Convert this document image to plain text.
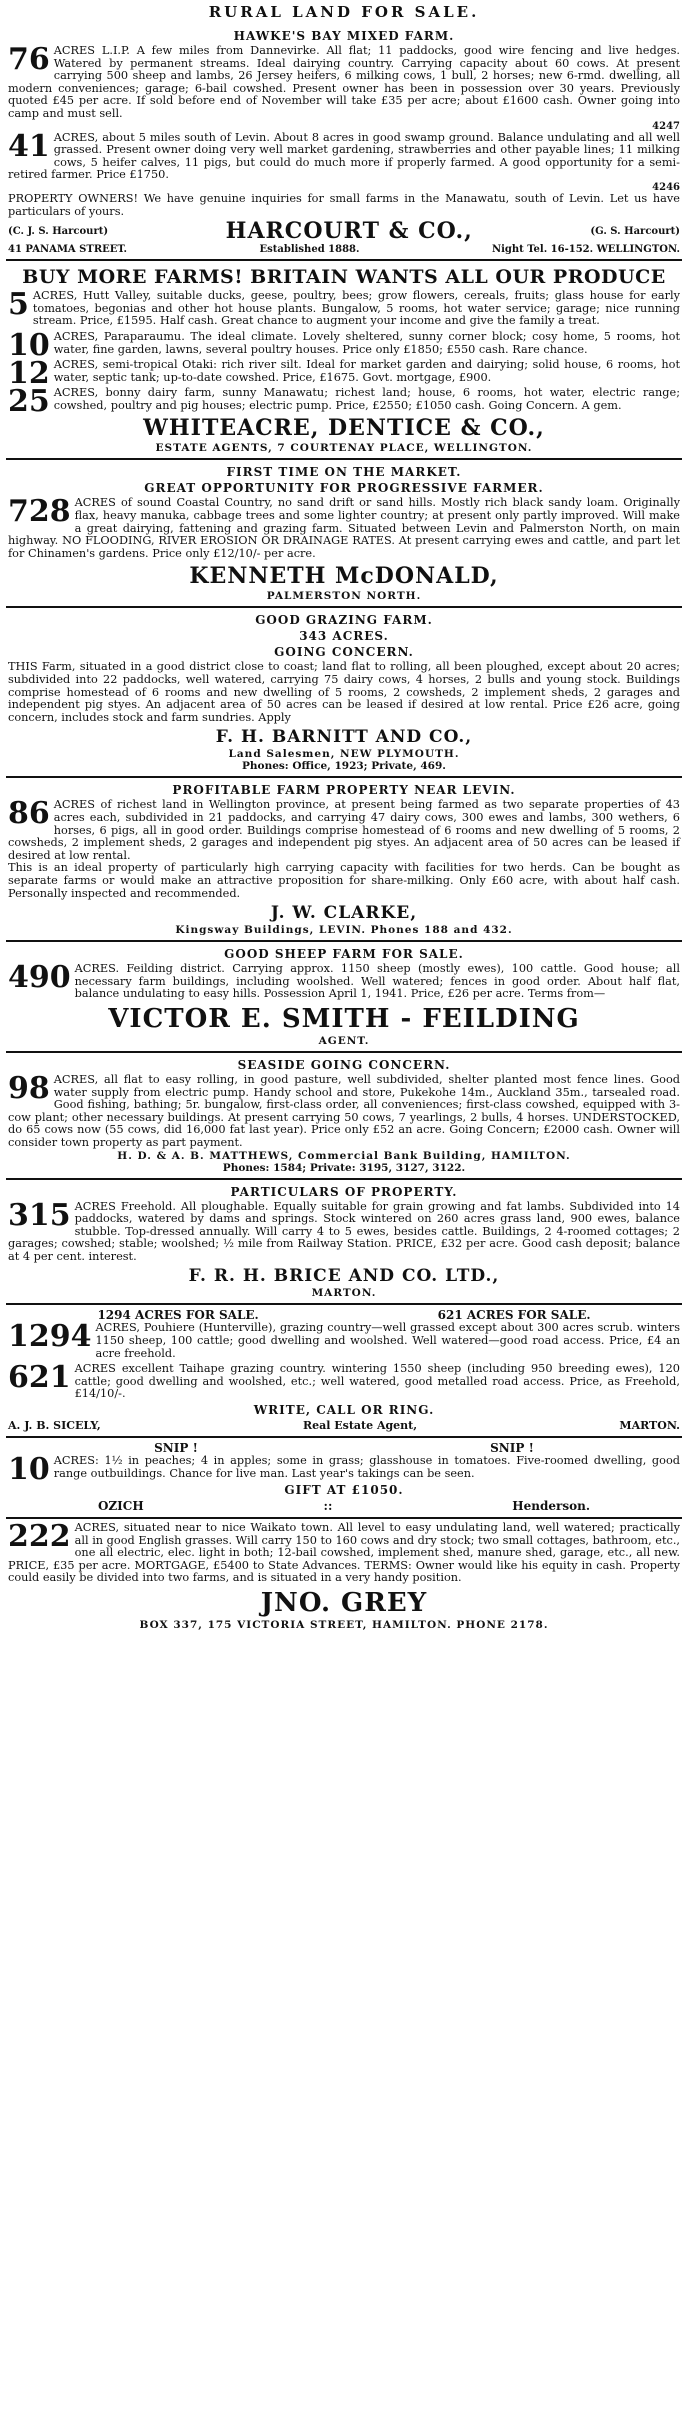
RURAL LAND FOR SALE.
HAWKE'S BAY MIXED FARM.

76 ACRES L.I.P. A few miles from Dannevirke. All flat; 11 paddocks, good wire fencing and live hedges. Watered by permanent streams. Ideal dairying country. Carrying capacity about 60 cows. At present carrying 500 sheep and lambs, 26 Jersey heifers, 6 milking cows, 1 bull, 2 horses; new 6-rmd. dwelling, all modern conveniences; garage; 6-bail cowshed. Present owner has been in possession over 30 years. Previously quoted £45 per acre. If sold before end of November will take £35 per acre; about £1600 cash. Owner going into camp and must sell.

4247

41 ACRES, about 5 miles south of Levin. About 8 acres in good swamp ground. Balance undulating and all well grassed. Present owner doing very well market gardening, strawberries and other payable lines; 11 milking cows, 5 heifer calves, 11 pigs, but could do much more if properly farmed. A good opportunity for a semi-retired farmer. Price £1750.

4246

PROPERTY OWNERS! We have genuine inquiries for small farms in the Manawatu, south of Levin. Let us have particulars of yours.

(C. J. S. Harcourt)	HARCOURT & CO.,	(G. S. Harcourt)
41 PANAMA STREET.	Established 1888.	Night Tel. 16-152. WELLINGTON.
BUY MORE FARMS! BRITAIN WANTS ALL OUR PRODUCE

5 ACRES, Hutt Valley, suitable ducks, geese, poultry, bees; grow flowers, cereals, fruits; glass house for early tomatoes, begonias and other hot house plants. Bungalow, 5 rooms, hot water service; garage; nice running stream. Price, £1595. Half cash. Great chance to augment your income and give the family a treat.

10 ACRES, Paraparaumu. The ideal climate. Lovely sheltered, sunny corner block; cosy home, 5 rooms, hot water, fine garden, lawns, several poultry houses. Price only £1850; £550 cash. Rare chance.

12 ACRES, semi-tropical Otaki: rich river silt. Ideal for market garden and dairying; solid house, 6 rooms, hot water, septic tank; up-to-date cowshed. Price, £1675. Govt. mortgage, £900.

25 ACRES, bonny dairy farm, sunny Manawatu; richest land; house, 6 rooms, hot water, electric range; cowshed, poultry and pig houses; electric pump. Price, £2550; £1050 cash. Going Concern. A gem.

WHITEACRE, DENTICE & CO.,
ESTATE AGENTS, 7 COURTENAY PLACE, WELLINGTON.
FIRST TIME ON THE MARKET.
GREAT OPPORTUNITY FOR PROGRESSIVE FARMER.

728 ACRES of sound Coastal Country, no sand drift or sand hills. Mostly rich black sandy loam. Originally flax, heavy manuka, cabbage trees and some lighter country; at present only partly improved. Will make a great dairying, fattening and grazing farm. Situated between Levin and Palmerston North, on main highway. NO FLOODING, RIVER EROSION OR DRAINAGE RATES. At present carrying ewes and cattle, and part let for Chinamen's gardens. Price only £12/10/- per acre.

KENNETH McDONALD,
PALMERSTON NORTH.
GOOD GRAZING FARM.
343 ACRES.
GOING CONCERN.

THIS Farm, situated in a good district close to coast; land flat to rolling, all been ploughed, except about 20 acres; subdivided into 22 paddocks, well watered, carrying 75 dairy cows, 4 horses, 2 bulls and young stock. Buildings comprise homestead of 6 rooms and new dwelling of 5 rooms, 2 cowsheds, 2 implement sheds, 2 garages and independent pig styes. An adjacent area of 50 acres can be leased if desired at low rental. Price £26 acre, going concern, includes stock and farm sundries. Apply

F. H. BARNITT AND CO.,
Land Salesmen, NEW PLYMOUTH.
Phones: Office, 1923; Private, 469.
PROFITABLE FARM PROPERTY NEAR LEVIN.

86 ACRES of richest land in Wellington province, at present being farmed as two separate properties of 43 acres each, subdivided in 21 paddocks, and carrying 47 dairy cows, 300 ewes and lambs, 300 wethers, 6 horses, 6 pigs, all in good order. Buildings comprise homestead of 6 rooms and new dwelling of 5 rooms, 2 cowsheds, 2 implement sheds, 2 garages and independent pig styes. An adjacent area of 50 acres can be leased if desired at low rental.

This is an ideal property of particularly high carrying capacity with facilities for two herds. Can be bought as separate farms or would make an attractive proposition for share-milking. Only £60 acre, with about half cash. Personally inspected and recommended.

J. W. CLARKE,
Kingsway Buildings, LEVIN. Phones 188 and 432.
GOOD SHEEP FARM FOR SALE.

490 ACRES. Feilding district. Carrying approx. 1150 sheep (mostly ewes), 100 cattle. Good house; all necessary farm buildings, including woolshed. Well watered; fences in good order. About half flat, balance undulating to easy hills. Possession April 1, 1941. Price, £26 per acre. Terms from—

VICTOR E. SMITH - FEILDING
AGENT.
SEASIDE GOING CONCERN.

98 ACRES, all flat to easy rolling, in good pasture, well subdivided, shelter planted most fence lines. Good water supply from electric pump. Handy school and store, Pukekohe 14m., Auckland 35m., tarsealed road. Good fishing, bathing; 5r. bungalow, first-class order, all conveniences; first-class cowshed, equipped with 3-cow plant; other necessary buildings. At present carrying 50 cows, 7 yearlings, 2 bulls, 4 horses. UNDERSTOCKED, do 65 cows now (55 cows, did 16,000 fat last year). Price only £52 an acre. Going Concern; £2000 cash. Owner will consider town property as part payment.

H. D. & A. B. MATTHEWS, Commercial Bank Building, HAMILTON.
Phones: 1584; Private: 3195, 3127, 3122.
PARTICULARS OF PROPERTY.

315 ACRES Freehold. All ploughable. Equally suitable for grain growing and fat lambs. Subdivided into 14 paddocks, watered by dams and springs. Stock wintered on 260 acres grass land, 900 ewes, balance stubble. Top-dressed annually. Will carry 4 to 5 ewes, besides cattle. Buildings, 2 4-roomed cottages; 2 garages; cowshed; stable; woolshed; ½ mile from Railway Station. PRICE, £32 per acre. Good cash deposit; balance at 4 per cent. interest.

F. R. H. BRICE AND CO. LTD.,
MARTON.
1294 ACRES FOR SALE.	621 ACRES FOR SALE.

1294 ACRES, Pouhiere (Hunterville), grazing country—well grassed except about 300 acres scrub. winters 1150 sheep, 100 cattle; good dwelling and woolshed. Well watered—good road access. Price, £4 an acre freehold.

621 ACRES excellent Taihape grazing country. wintering 1550 sheep (including 950 breeding ewes), 120 cattle; good dwelling and woolshed, etc.; well watered, good metalled road access. Price, as Freehold, £14/10/-.

WRITE, CALL OR RING.
A. J. B. SICELY,	Real Estate Agent,	MARTON.
SNIP !	SNIP !

10 ACRES: 1½ in peaches; 4 in apples; some in grass; glasshouse in tomatoes. Five-roomed dwelling, good range outbuildings. Chance for live man. Last year's takings can be seen.

GIFT AT £1050.
OZICH	::	Henderson.

222 ACRES, situated near to nice Waikato town. All level to easy undulating land, well watered; practically all in good English grasses. Will carry 150 to 160 cows and dry stock; two small cottages, bathroom, etc., one all electric, elec. light in both; 12-bail cowshed, implement shed, manure shed, garage, etc., all new. PRICE, £35 per acre. MORTGAGE, £5400 to State Advances. TERMS: Owner would like his equity in cash. Property could easily be divided into two farms, and is situated in a very handy position.

JNO. GREY
BOX 337, 175 VICTORIA STREET, HAMILTON. PHONE 2178.
